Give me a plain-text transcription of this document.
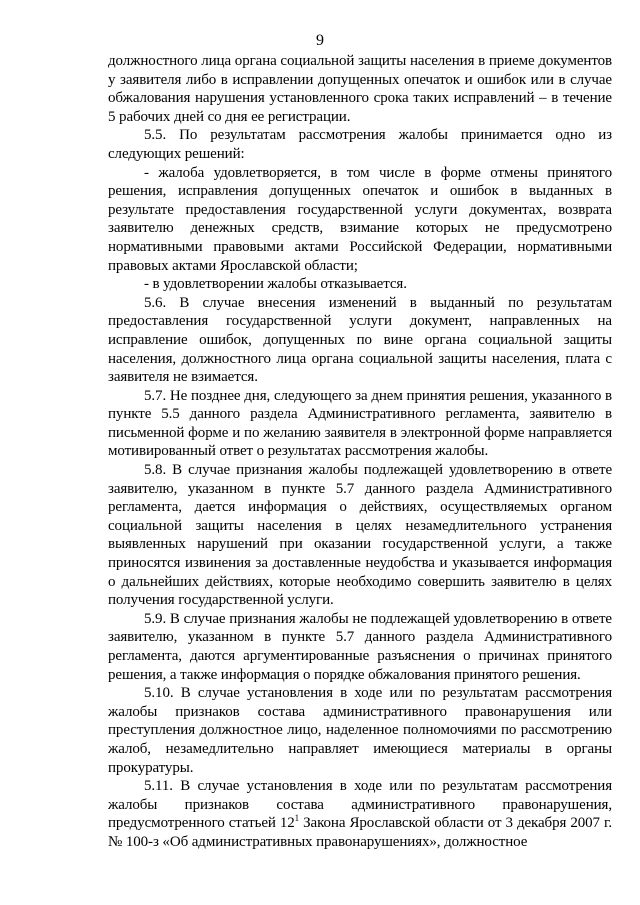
9

должностного лица органа социальной защиты населения в приеме документов у заявителя либо в исправлении допущенных опечаток и ошибок или в случае обжалования нарушения установленного срока таких исправлений – в течение 5 рабочих дней со дня ее регистрации.

5.5. По результатам рассмотрения жалобы принимается одно из следующих решений:

- жалоба удовлетворяется, в том числе в форме отмены принятого решения, исправления допущенных опечаток и ошибок в выданных в результате предоставления государственной услуги документах, возврата заявителю денежных средств, взимание которых не предусмотрено нормативными правовыми актами Российской Федерации, нормативными правовых актами Ярославской области;

- в удовлетворении жалобы отказывается.

5.6. В случае внесения изменений в выданный по результатам предоставления государственной услуги документ, направленных на исправление ошибок, допущенных по вине органа социальной защиты населения, должностного лица органа социальной защиты населения, плата с заявителя не взимается.

5.7. Не позднее дня, следующего за днем принятия решения, указанного в пункте 5.5 данного раздела Административного регламента, заявителю в письменной форме и по желанию заявителя в электронной форме направляется мотивированный ответ о результатах рассмотрения жалобы.

5.8. В случае признания жалобы подлежащей удовлетворению в ответе заявителю, указанном в пункте 5.7 данного раздела Административного регламента, дается информация о действиях, осуществляемых органом социальной защиты населения в целях незамедлительного устранения выявленных нарушений при оказании государственной услуги, а также приносятся извинения за доставленные неудобства и указывается информация о дальнейших действиях, которые необходимо совершить заявителю в целях получения государственной услуги.

5.9. В случае признания жалобы не подлежащей удовлетворению в ответе заявителю, указанном в пункте 5.7 данного раздела Административного регламента, даются аргументированные разъяснения о причинах принятого решения, а также информация о порядке обжалования принятого решения.

5.10. В случае установления в ходе или по результатам рассмотрения жалобы признаков состава административного правонарушения или преступления должностное лицо, наделенное полномочиями по рассмотрению жалоб, незамедлительно направляет имеющиеся материалы в органы прокуратуры.

5.11. В случае установления в ходе или по результатам рассмотрения жалобы признаков состава административного правонарушения, предусмотренного статьей $12^1$ Закона Ярославской области от 3 декабря 2007 г. № 100-з «Об административных правонарушениях», должностное
